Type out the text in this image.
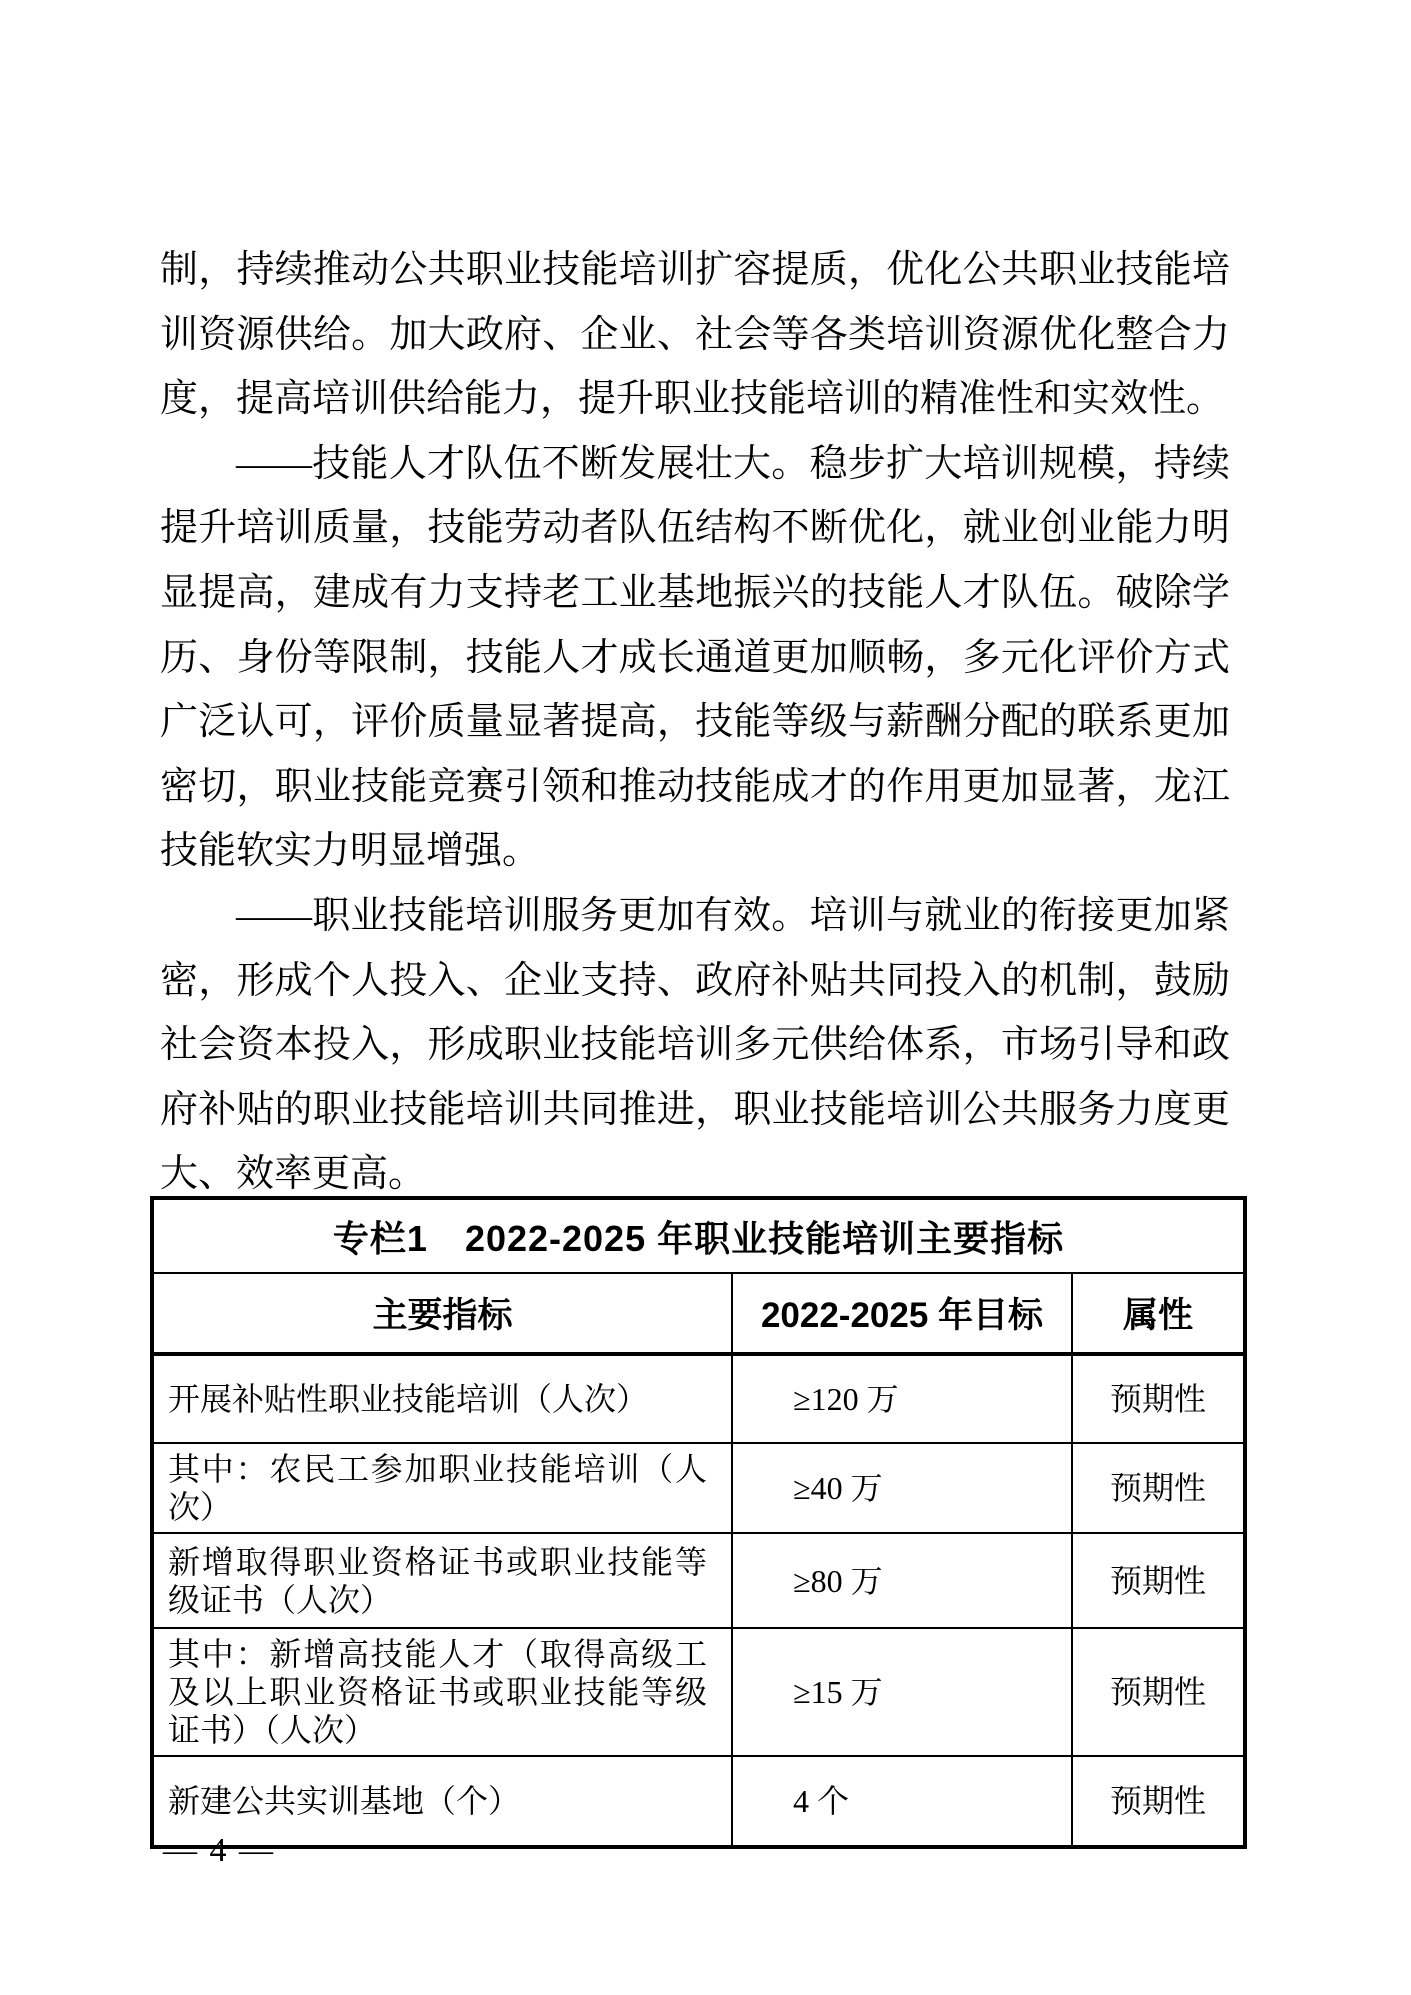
制，持续推动公共职业技能培训扩容提质，优化公共职业技能培训资源供给。加大政府、企业、社会等各类培训资源优化整合力度，提高培训供给能力，提升职业技能培训的精准性和实效性。

——技能人才队伍不断发展壮大。稳步扩大培训规模，持续提升培训质量，技能劳动者队伍结构不断优化，就业创业能力明显提高，建成有力支持老工业基地振兴的技能人才队伍。破除学历、身份等限制，技能人才成长通道更加顺畅，多元化评价方式广泛认可，评价质量显著提高，技能等级与薪酬分配的联系更加密切，职业技能竞赛引领和推动技能成才的作用更加显著，龙江技能软实力明显增强。

——职业技能培训服务更加有效。培训与就业的衔接更加紧密，形成个人投入、企业支持、政府补贴共同投入的机制，鼓励社会资本投入，形成职业技能培训多元供给体系，市场引导和政府补贴的职业技能培训共同推进，职业技能培训公共服务力度更大、效率更高。

专栏1　2022-2025 年职业技能培训主要指标		
主要指标	2022-2025 年目标	属性
开展补贴性职业技能培训（人次）	≥120 万	预期性
其中：农民工参加职业技能培训（人次）	≥40 万	预期性
新增取得职业资格证书或职业技能等级证书（人次）	≥80 万	预期性
其中：新增高技能人才（取得高级工及以上职业资格证书或职业技能等级证书）（人次）	≥15 万	预期性
新建公共实训基地（个）	4 个	预期性
— 4 —
